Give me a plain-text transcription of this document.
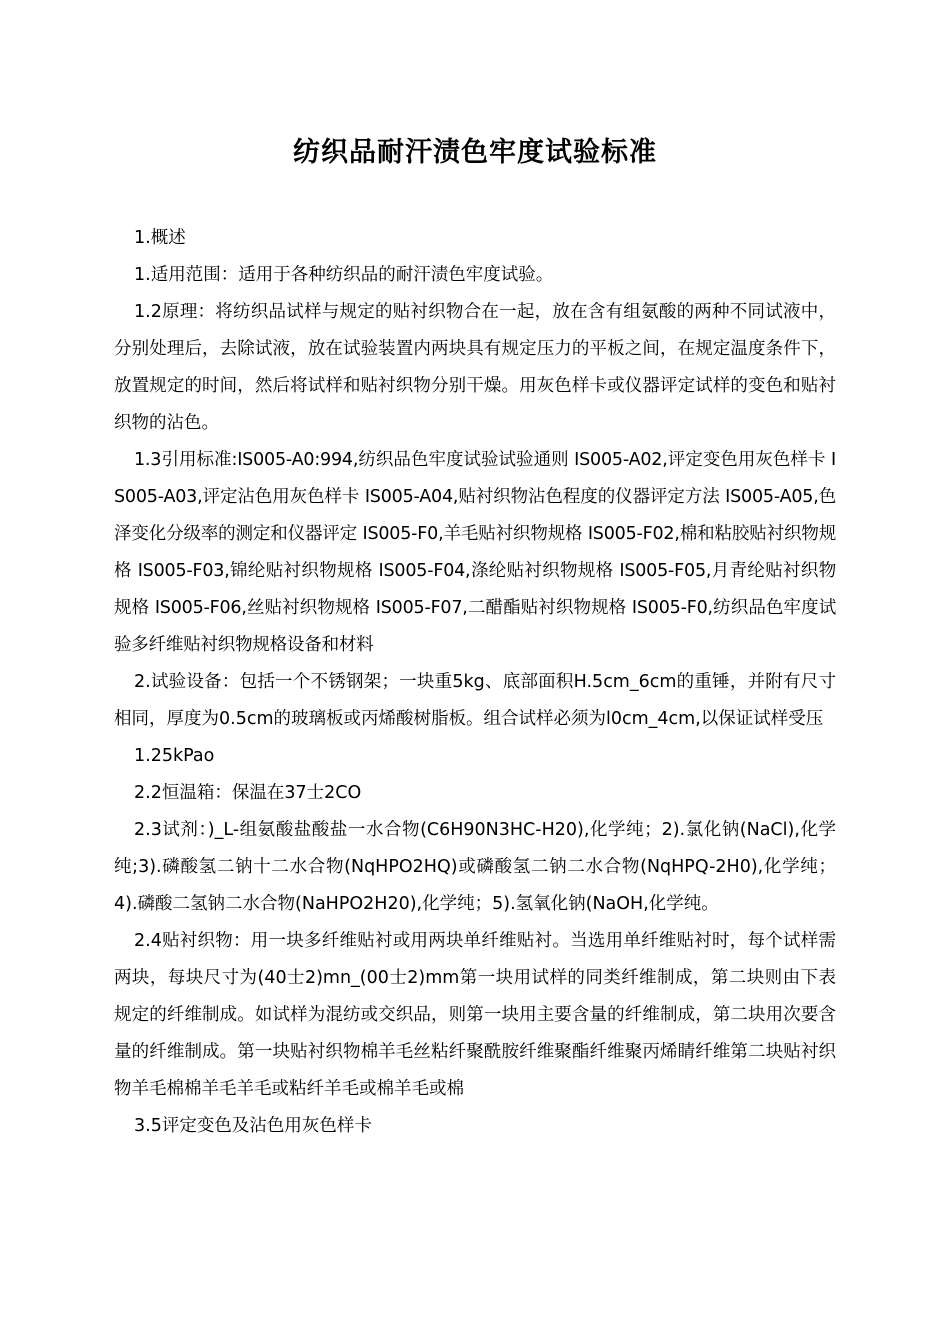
纺织品耐汗渍色牢度试验标准

1.概述

1.适用范围：适用于各种纺织品的耐汗渍色牢度试验。

1.2原理：将纺织品试样与规定的贴衬织物合在一起，放在含有组氨酸的两种不同试液中，分别处理后，去除试液，放在试验装置内两块具有规定压力的平板之间，在规定温度条件下，放置规定的时间，然后将试样和贴衬织物分别干燥。用灰色样卡或仪器评定试样的变色和贴衬织物的沾色。

1.3引用标准:IS005-A0:994,纺织品色牢度试验试验通则 IS005-A02,评定变色用灰色样卡 IS005-A03,评定沾色用灰色样卡 IS005-A04,贴衬织物沾色程度的仪器评定方法 IS005-A05,色泽变化分级率的测定和仪器评定 IS005-F0,羊毛贴衬织物规格 IS005-F02,棉和粘胶贴衬织物规格 IS005-F03,锦纶贴衬织物规格 IS005-F04,涤纶贴衬织物规格 IS005-F05,月青纶贴衬织物规格 IS005-F06,丝贴衬织物规格 IS005-F07,二醋酯贴衬织物规格 IS005-F0,纺织品色牢度试验多纤维贴衬织物规格设备和材料

2.试验设备：包括一个不锈钢架；一块重5kg、底部面积H.5cm_6cm的重锤，并附有尺寸相同，厚度为0.5cm的玻璃板或丙烯酸树脂板。组合试样必须为l0cm_4cm,以保证试样受压

1.25kPao

2.2恒温箱：保温在37士2CO

2.3试剂：)_L-组氨酸盐酸盐一水合物(C6H90N3HC-H20),化学纯；2).氯化钠(NaCl),化学纯;3).磷酸氢二钠十二水合物(NqHPO2HQ)或磷酸氢二钠二水合物(NqHPQ-2H0),化学纯；4).磷酸二氢钠二水合物(NaHPO2H20),化学纯；5).氢氧化钠(NaOH,化学纯。

2.4贴衬织物：用一块多纤维贴衬或用两块单纤维贴衬。当选用单纤维贴衬时，每个试样需两块，每块尺寸为(40士2)mn_(00士2)mm第一块用试样的同类纤维制成，第二块则由下表规定的纤维制成。如试样为混纺或交织品，则第一块用主要含量的纤维制成，第二块用次要含量的纤维制成。第一块贴衬织物棉羊毛丝粘纤聚酰胺纤维聚酯纤维聚丙烯睛纤维第二块贴衬织物羊毛棉棉羊毛羊毛或粘纤羊毛或棉羊毛或棉

3.5评定变色及沾色用灰色样卡
